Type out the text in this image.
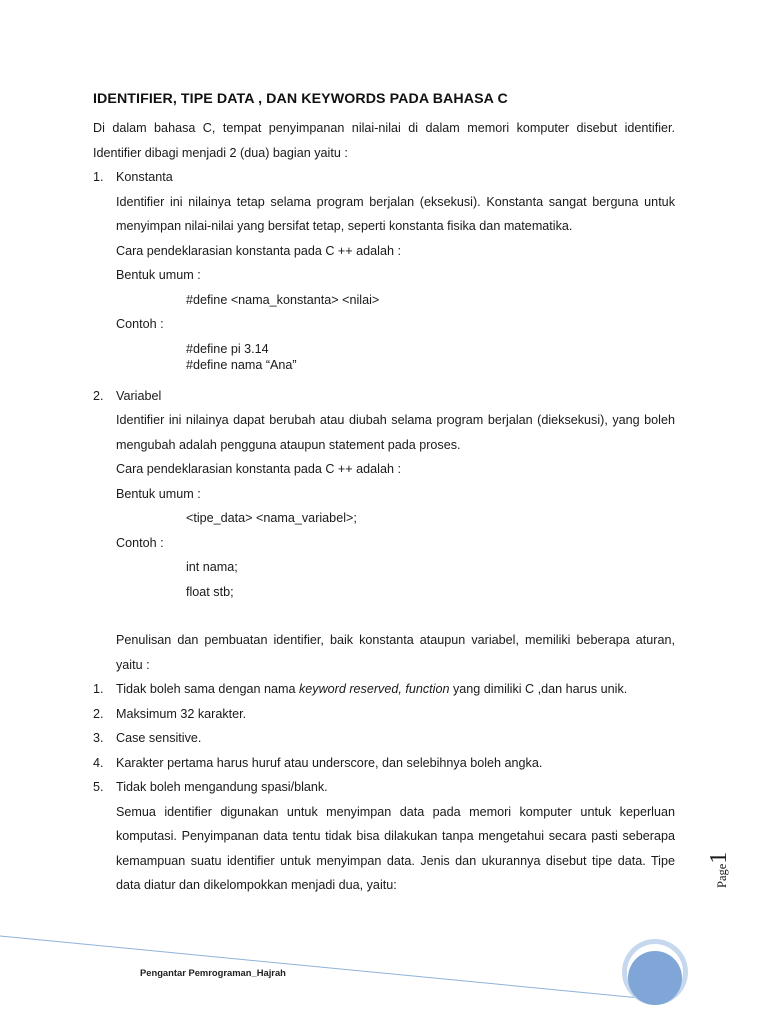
IDENTIFIER, TIPE DATA , DAN KEYWORDS PADA BAHASA C

Di dalam bahasa C, tempat penyimpanan nilai-nilai di dalam memori komputer disebut identifier. Identifier dibagi menjadi 2 (dua) bagian yaitu :

1. Konstanta

Identifier ini nilainya tetap selama program berjalan (eksekusi). Konstanta sangat berguna untuk menyimpan nilai-nilai yang bersifat tetap, seperti konstanta fisika dan matematika.

Cara pendeklarasian konstanta pada C ++ adalah :

Bentuk umum :

#define <nama_konstanta> <nilai>

Contoh :

#define pi 3.14

#define nama “Ana”

2. Variabel

Identifier ini nilainya dapat berubah atau diubah selama program berjalan (dieksekusi), yang boleh mengubah adalah pengguna ataupun statement pada proses.

Cara pendeklarasian konstanta pada C ++ adalah :

Bentuk umum :

<tipe_data> <nama_variabel>;

Contoh :

int nama;

float stb;

Penulisan dan pembuatan identifier, baik konstanta ataupun variabel, memiliki beberapa aturan, yaitu :

1. Tidak boleh sama dengan nama keyword reserved, function yang dimiliki C ,dan harus unik.
2. Maksimum 32 karakter.
3. Case sensitive.
4. Karakter pertama harus huruf atau underscore, dan selebihnya boleh angka.
5. Tidak boleh mengandung spasi/blank.

Semua identifier digunakan untuk menyimpan data pada memori komputer untuk keperluan komputasi. Penyimpanan data tentu tidak bisa dilakukan tanpa mengetahui secara pasti seberapa kemampuan suatu identifier untuk menyimpan data. Jenis dan ukurannya disebut tipe data. Tipe data diatur dan dikelompokkan menjadi dua, yaitu:	Page1
Pengantar Pemrograman_Hajrah
